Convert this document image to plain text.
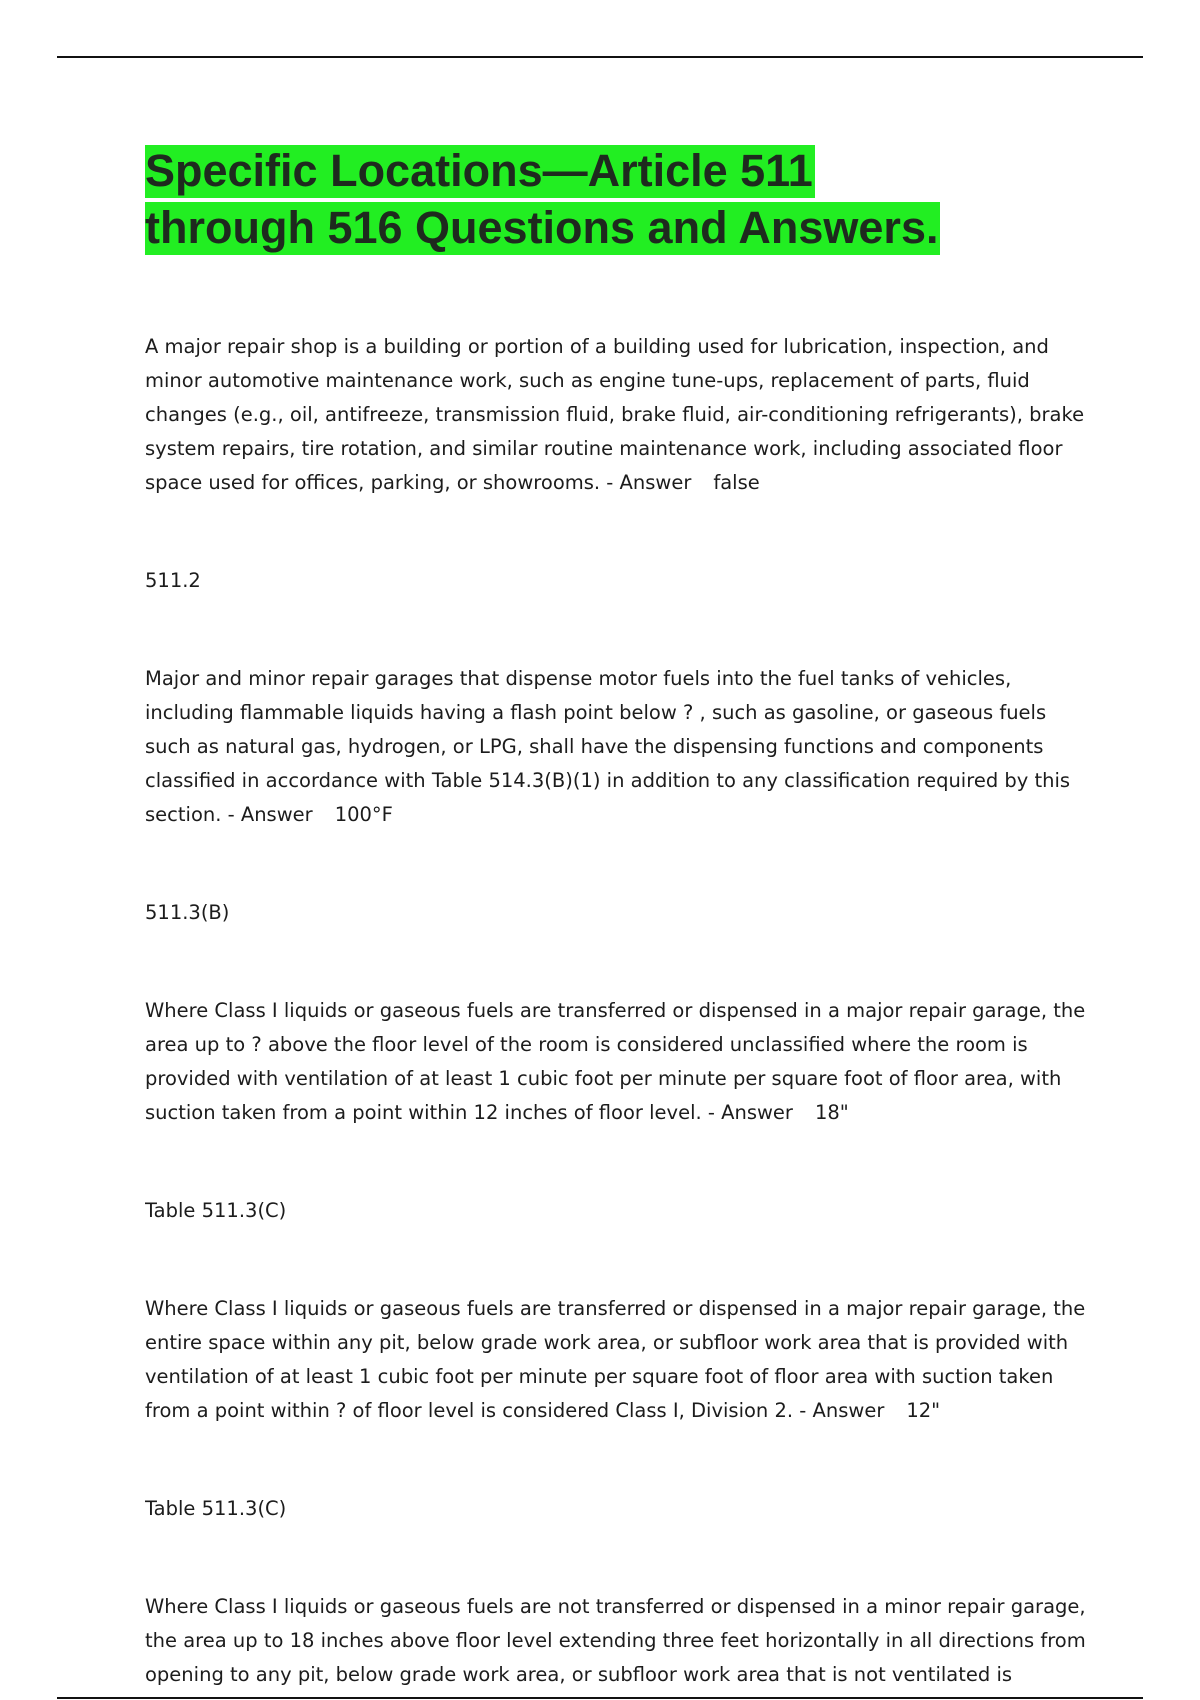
Specific Locations—Article 511
through 516 Questions and Answers.

A major repair shop is a building or portion of a building used for lubrication, inspection, and minor automotive maintenance work, such as engine tune-ups, replacement of parts, fluid changes (e.g., oil, antifreeze, transmission fluid, brake fluid, air-conditioning refrigerants), brake system repairs, tire rotation, and similar routine maintenance work, including associated floor space used for offices, parking, or showrooms. - Answer false

511.2

Major and minor repair garages that dispense motor fuels into the fuel tanks of vehicles, including flammable liquids having a flash point below ? , such as gasoline, or gaseous fuels such as natural gas, hydrogen, or LPG, shall have the dispensing functions and components classified in accordance with Table 514.3(B)(1) in addition to any classification required by this section. - Answer 100°F

511.3(B)

Where Class I liquids or gaseous fuels are transferred or dispensed in a major repair garage, the area up to ? above the floor level of the room is considered unclassified where the room is provided with ventilation of at least 1 cubic foot per minute per square foot of floor area, with suction taken from a point within 12 inches of floor level. - Answer 18"

Table 511.3(C)

Where Class I liquids or gaseous fuels are transferred or dispensed in a major repair garage, the entire space within any pit, below grade work area, or subfloor work area that is provided with ventilation of at least 1 cubic foot per minute per square foot of floor area with suction taken from a point within ? of floor level is considered Class I, Division 2. - Answer 12"

Table 511.3(C)

Where Class I liquids or gaseous fuels are not transferred or dispensed in a minor repair garage, the area up to 18 inches above floor level extending three feet horizontally in all directions from opening to any pit, below grade work area, or subfloor work area that is not ventilated is
